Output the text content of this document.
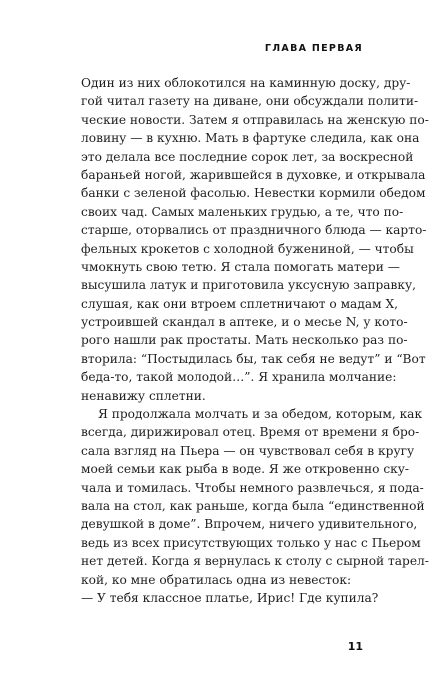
ГЛАВА ПЕРВАЯ
Один из них облокотился на каминную доску, дру-
гой читал газету на диване, они обсуждали полити-
ческие новости. Затем я отправилась на женскую по-
ловину — в кухню. Мать в фартуке следила, как она
это делала все последние сорок лет, за воскресной
бараньей ногой, жарившейся в духовке, и открывала
банки с зеленой фасолью. Невестки кормили обедом
своих чад. Самых маленьких грудью, а те, что по-
старше, оторвались от праздничного блюда — карто-
фельных крокетов с холодной бужениной, — чтобы
чмокнуть свою тетю. Я стала помогать матери —
высушила латук и приготовила уксусную заправку,
слушая, как они втроем сплетничают о мадам X,
устроившей скандал в аптеке, и о месье N, у кото-
рого нашли рак простаты. Мать несколько раз по-
вторила: “Постыдилась бы, так себя не ведут” и “Вот
беда-то, такой молодой…”. Я хранила молчание:
ненавижу сплетни.
Я продолжала молчать и за обедом, которым, как
всегда, дирижировал отец. Время от времени я бро-
сала взгляд на Пьера — он чувствовал себя в кругу
моей семьи как рыба в воде. Я же откровенно ску-
чала и томилась. Чтобы немного развлечься, я пода-
вала на стол, как раньше, когда была “единственной
девушкой в доме”. Впрочем, ничего удивительного,
ведь из всех присутствующих только у нас с Пьером
нет детей. Когда я вернулась к столу с сырной тарел-
кой, ко мне обратилась одна из невесток:
— У тебя классное платье, Ирис! Где купила?
11
